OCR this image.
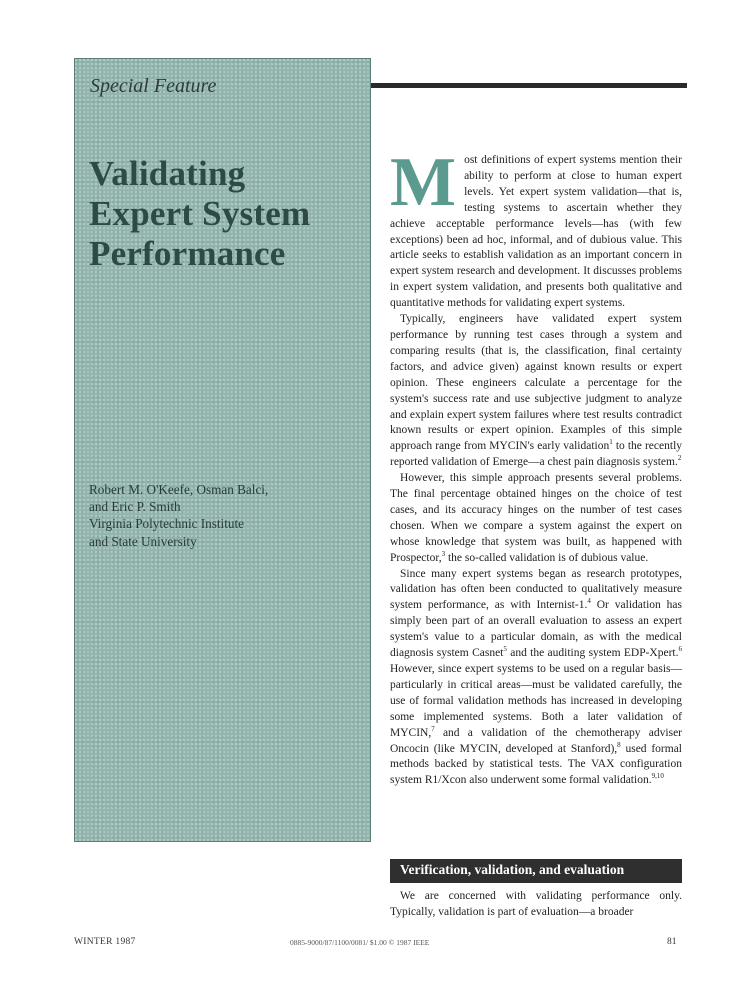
Special Feature
Validating
Expert System
Performance
Robert M. O'Keefe, Osman Balci,
and Eric P. Smith
Virginia Polytechnic Institute
and State University

Most definitions of expert systems mention their ability to perform at close to human expert levels. Yet expert system validation—that is, testing systems to ascertain whether they achieve acceptable performance levels—has (with few exceptions) been ad hoc, informal, and of dubious value. This article seeks to establish validation as an important concern in expert system research and development. It discusses problems in expert system validation, and presents both qualitative and quantitative methods for validating expert systems.

Typically, engineers have validated expert system performance by running test cases through a system and comparing results (that is, the classification, final certainty factors, and advice given) against known results or expert opinion. These engineers calculate a percentage for the system's success rate and use subjective judgment to analyze and explain expert system failures where test results contradict known results or expert opinion. Examples of this simple approach range from MYCIN's early validation$^1$ to the recently reported validation of Emerge—a chest pain diagnosis system.$^2$

However, this simple approach presents several problems. The final percentage obtained hinges on the choice of test cases, and its accuracy hinges on the number of test cases chosen. When we compare a system against the expert on whose knowledge that system was built, as happened with Prospector,$^3$ the so-called validation is of dubious value.

Since many expert systems began as research prototypes, validation has often been conducted to qualitatively measure system performance, as with Internist-1.$^4$ Or validation has simply been part of an overall evaluation to assess an expert system's value to a particular domain, as with the medical diagnosis system Casnet$^5$ and the auditing system EDP-Xpert.$^6$ However, since expert systems to be used on a regular basis—particularly in critical areas—must be validated carefully, the use of formal validation methods has increased in developing some implemented systems. Both a later validation of MYCIN,$^7$ and a validation of the chemotherapy adviser Oncocin (like MYCIN, developed at Stanford),$^8$ used formal methods backed by statistical tests. The VAX configuration system R1/Xcon also underwent some formal validation.$^{9,10}$

Verification, validation, and evaluation

We are concerned with validating performance only. Typically, validation is part of evaluation—a broader

WINTER 1987	0885-9000/87/1100/0081/ $1.00 © 1987 IEEE	81
